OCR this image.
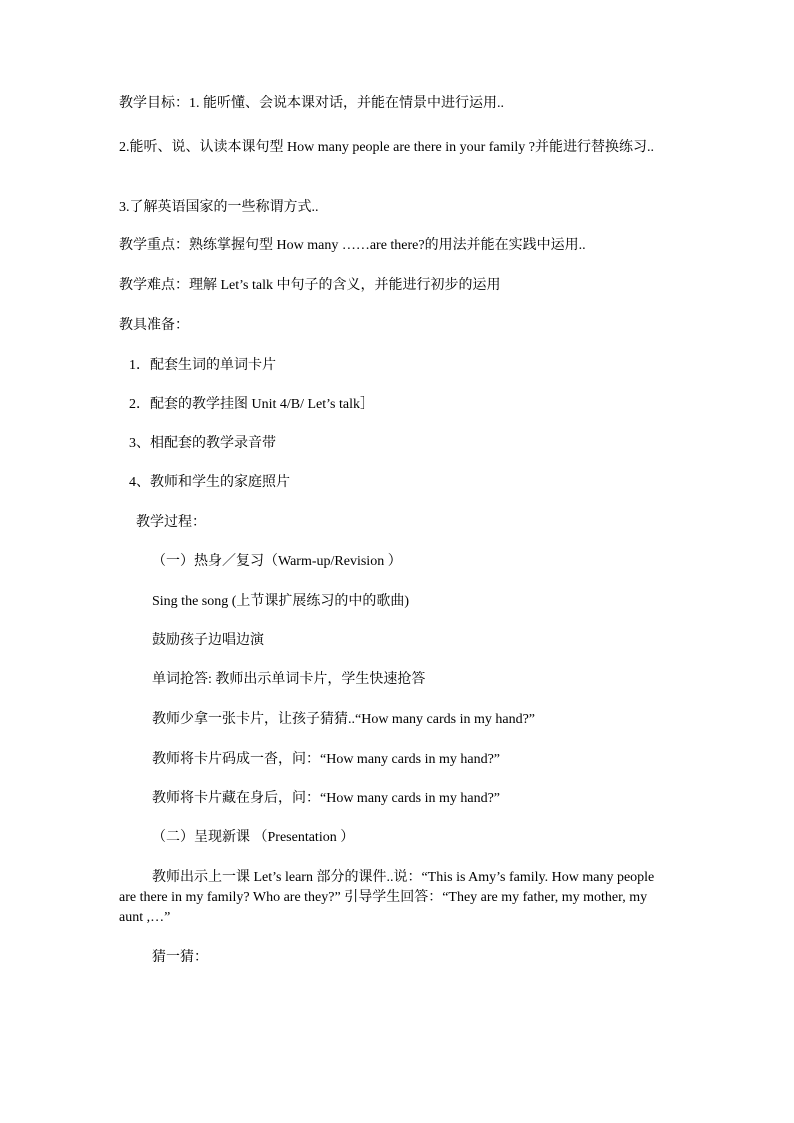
教学目标：1. 能听懂、会说本课对话，并能在情景中进行运用..
2.能听、说、认读本课句型 How many people are there in your family ?并能进行替换练习..
3.了解英语国家的一些称谓方式..
教学重点：熟练掌握句型 How many ……are there?的用法并能在实践中运用..
教学难点：理解 Let’s talk 中句子的含义，并能进行初步的运用
教具准备：
1．配套生词的单词卡片
2．配套的教学挂图 Unit 4/B/ Let’s talk］
3、相配套的教学录音带
4、教师和学生的家庭照片
教学过程：
（一）热身／复习（Warm-up/Revision ）
Sing the song (上节课扩展练习的中的歌曲)
鼓励孩子边唱边演
单词抢答: 教师出示单词卡片，学生快速抢答
教师少拿一张卡片，让孩子猜猜..“How many cards in my hand?”
教师将卡片码成一沓，问：“How many cards in my hand?”
教师将卡片藏在身后，问：“How many cards in my hand?”
（二）呈现新课 （Presentation ）
教师出示上一课 Let’s learn 部分的课件..说：“This is Amy’s family. How many people are there in my family? Who are they?” 引导学生回答：“They are my father, my mother, my aunt ,…”
猜一猜：
